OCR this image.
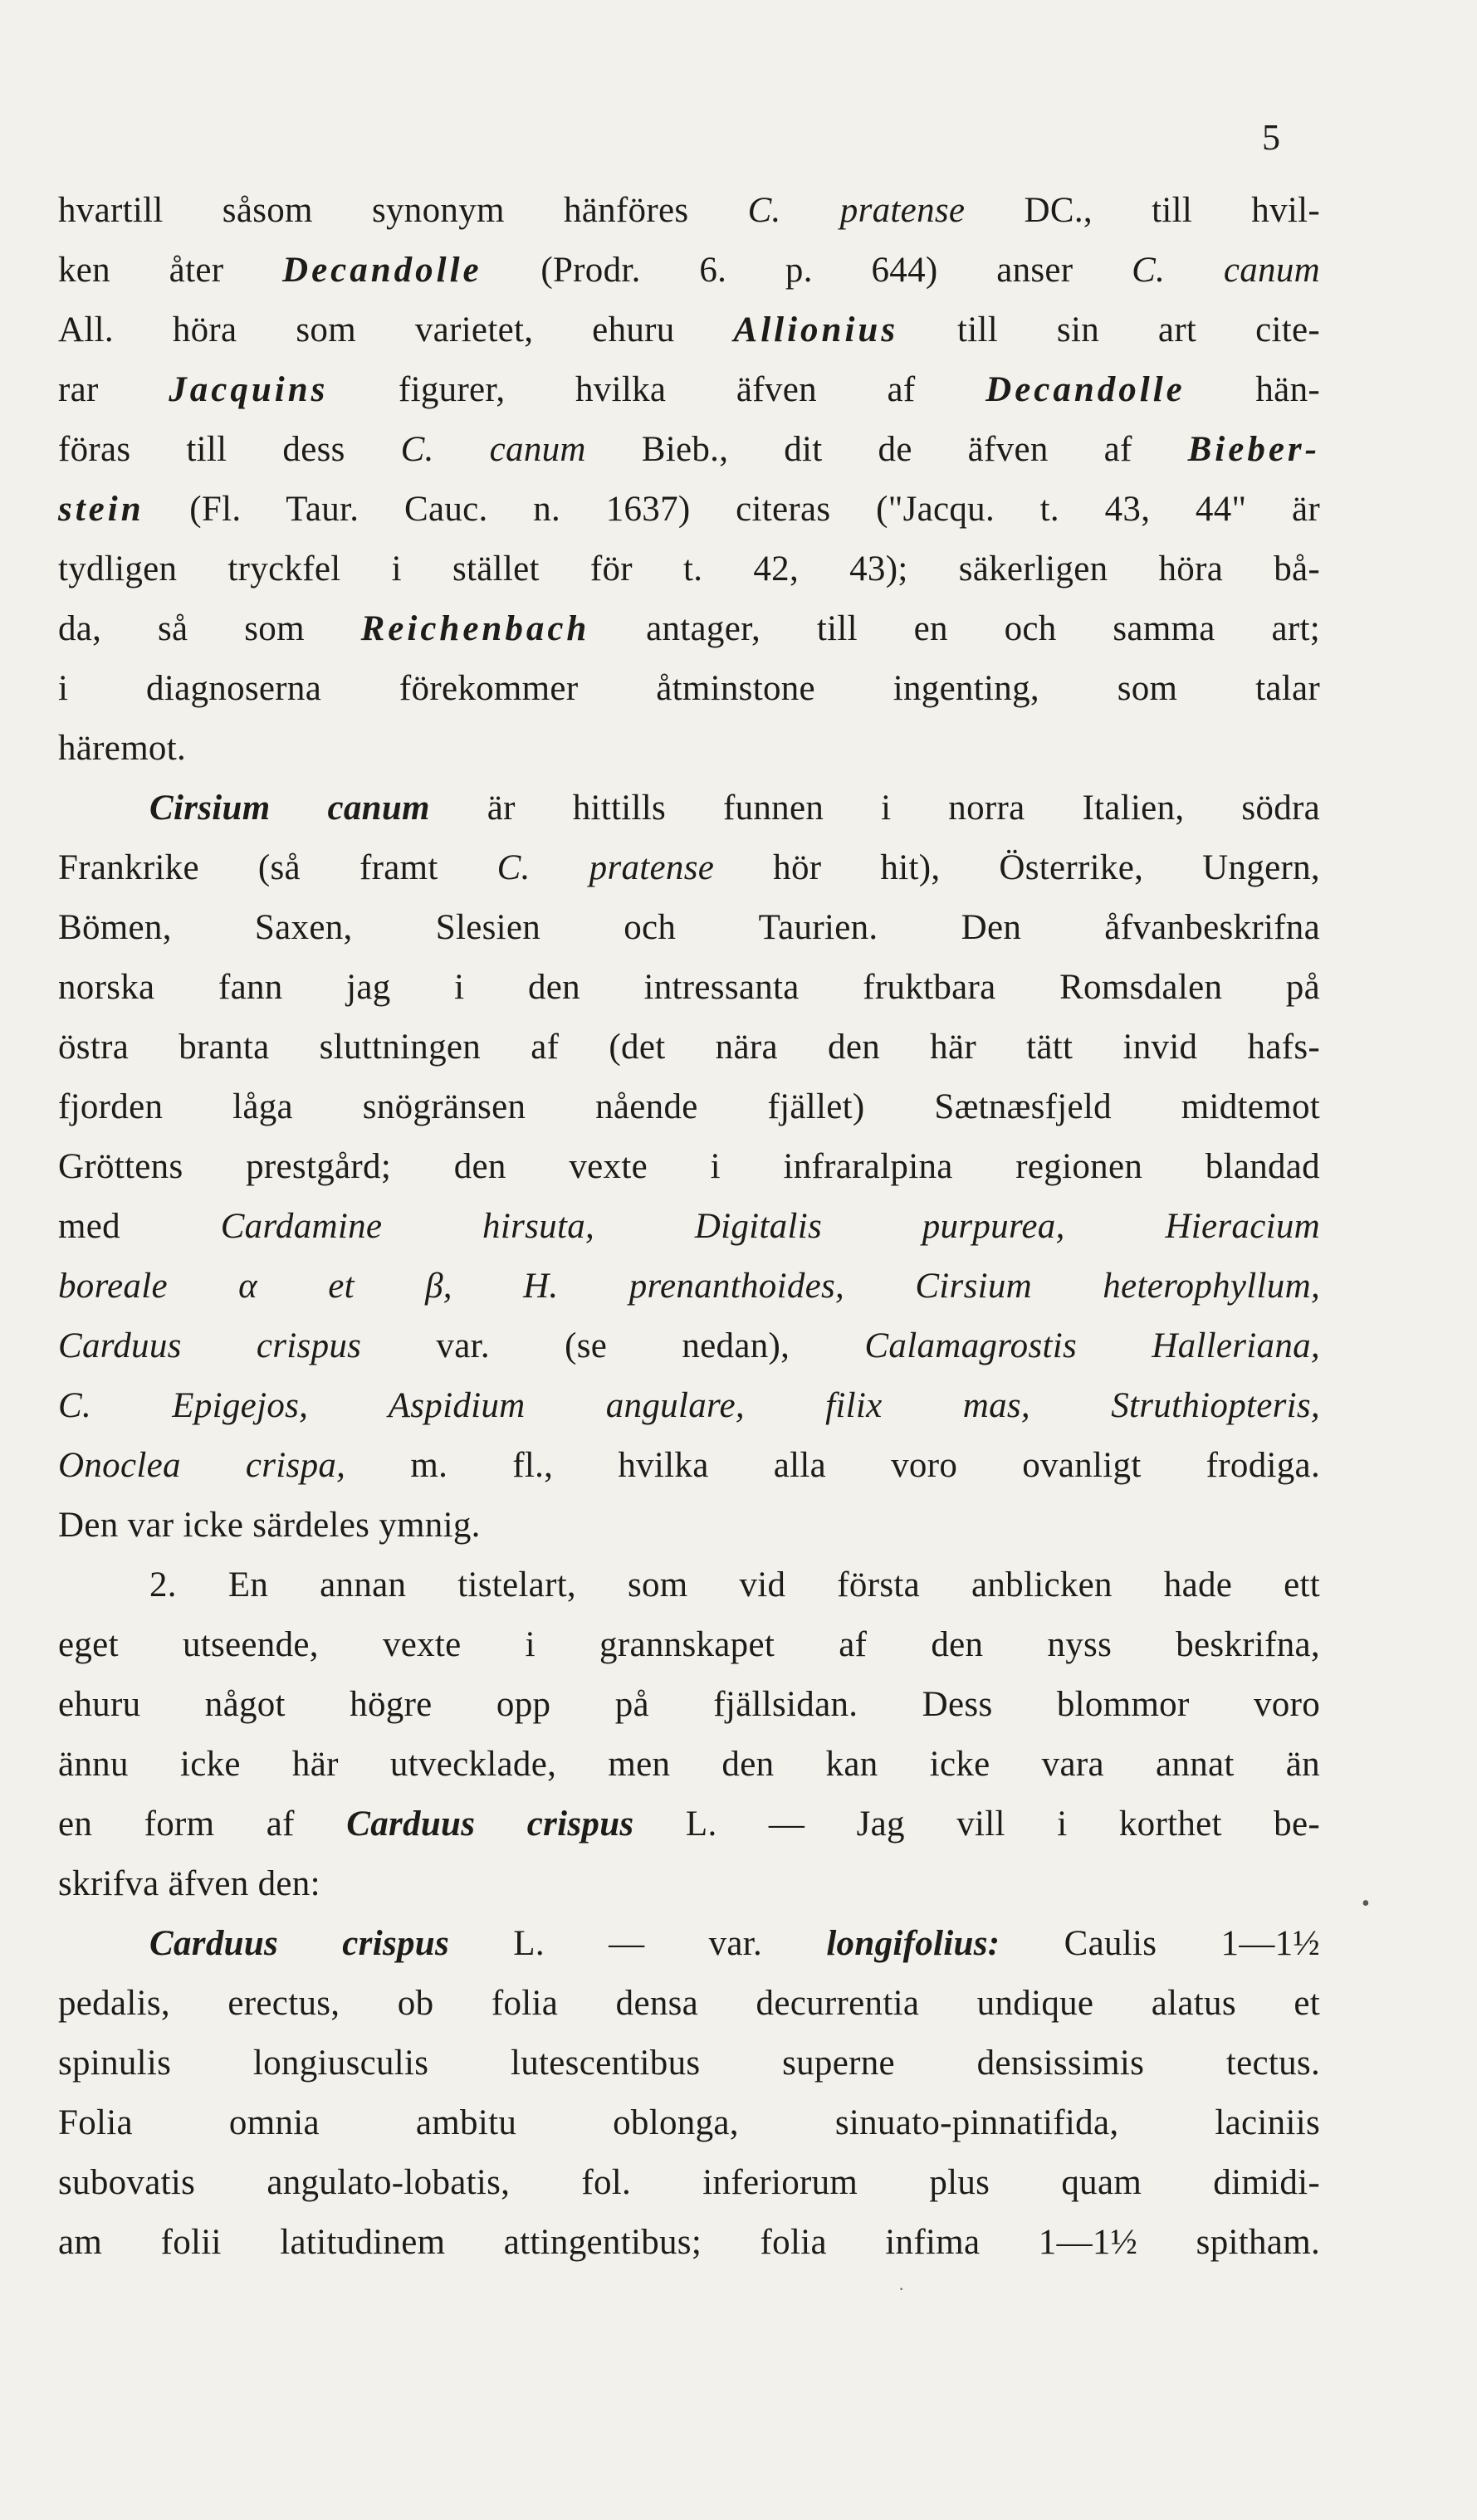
5
hvartill såsom synonym hänföres C. pratense DC., till hvil-
ken åter Decandolle (Prodr. 6. p. 644) anser C. canum
All. höra som varietet, ehuru Allionius till sin art cite-
rar Jacquins figurer, hvilka äfven af Decandolle hän-
föras till dess C. canum Bieb., dit de äfven af Bieber-
stein (Fl. Taur. Cauc. n. 1637) citeras ("Jacqu. t. 43, 44" är
tydligen tryckfel i stället för t. 42, 43); säkerligen höra bå-
da, så som Reichenbach antager, till en och samma art;
i diagnoserna förekommer åtminstone ingenting, som talar
häremot.
Cirsium canum är hittills funnen i norra Italien, södra
Frankrike (så framt C. pratense hör hit), Österrike, Ungern,
Bömen, Saxen, Slesien och Taurien. Den åfvanbeskrifna
norska fann jag i den intressanta fruktbara Romsdalen på
östra branta sluttningen af (det nära den här tätt invid hafs-
fjorden låga snögränsen nående fjället) Sætnæsfjeld midtemot
Gröttens prestgård; den vexte i infraralpina regionen blandad
med Cardamine hirsuta, Digitalis purpurea, Hieracium
boreale α et β, H. prenanthoides, Cirsium heterophyllum,
Carduus crispus var. (se nedan), Calamagrostis Halleriana,
C. Epigejos, Aspidium angulare, filix mas, Struthiopteris,
Onoclea crispa, m. fl., hvilka alla voro ovanligt frodiga.
Den var icke särdeles ymnig.
2. En annan tistelart, som vid första anblicken hade ett
eget utseende, vexte i grannskapet af den nyss beskrifna,
ehuru något högre opp på fjällsidan. Dess blommor voro
ännu icke här utvecklade, men den kan icke vara annat än
en form af Carduus crispus L. — Jag vill i korthet be-
skrifva äfven den:
Carduus crispus L. — var. longifolius: Caulis 1—1½
pedalis, erectus, ob folia densa decurrentia undique alatus et
spinulis longiusculis lutescentibus superne densissimis tectus.
Folia omnia ambitu oblonga, sinuato-pinnatifida, laciniis
subovatis angulato-lobatis, fol. inferiorum plus quam dimidi-
am folii latitudinem attingentibus; folia infima 1—1½ spitham.
•
·
